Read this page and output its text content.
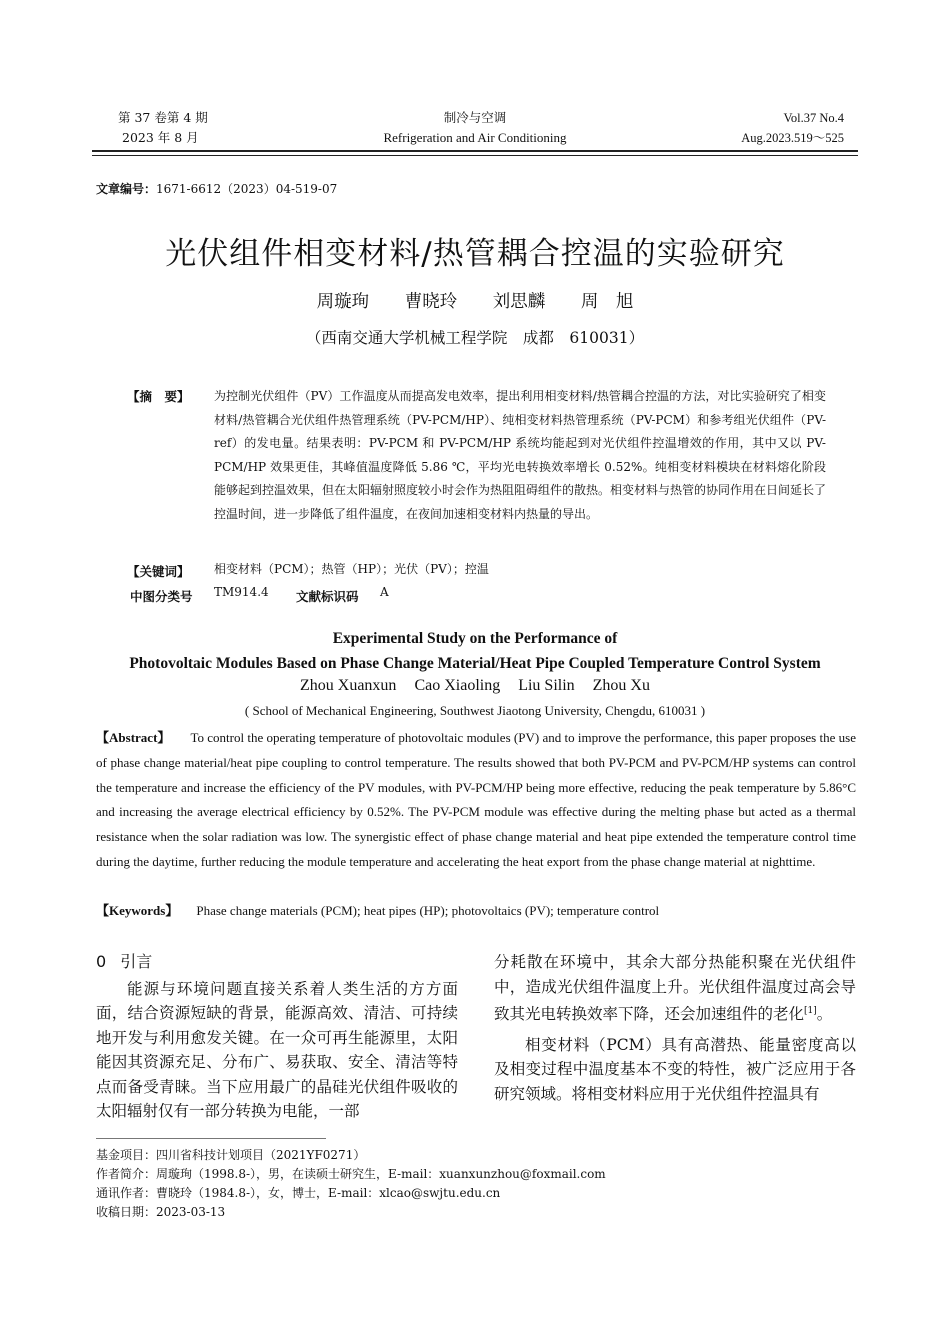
第 37 卷第 4 期
2023 年 8 月
制冷与空调
Refrigeration and Air Conditioning
Vol.37 No.4
Aug.2023.519～525
文章编号：1671-6612（2023）04-519-07
光伏组件相变材料/热管耦合控温的实验研究
周璇珣 曹晓玲 刘思麟 周　旭
（西南交通大学机械工程学院　成都　610031）
【摘　要】 为控制光伏组件（PV）工作温度从而提高发电效率，提出利用相变材料/热管耦合控温的方法，对比实验研究了相变材料/热管耦合光伏组件热管理系统（PV-PCM/HP）、纯相变材料热管理系统（PV-PCM）和参考组光伏组件（PV-ref）的发电量。结果表明：PV-PCM 和 PV-PCM/HP 系统均能起到对光伏组件控温增效的作用，其中又以 PV-PCM/HP 效果更佳，其峰值温度降低 5.86 ℃，平均光电转换效率增长 0.52%。纯相变材料模块在材料熔化阶段能够起到控温效果，但在太阳辐射照度较小时会作为热阻阻碍组件的散热。相变材料与热管的协同作用在日间延长了控温时间，进一步降低了组件温度，在夜间加速相变材料内热量的导出。
【关键词】 相变材料（PCM）；热管（HP）；光伏（PV）；控温
中图分类号 TM914.4 文献标识码 A
Experimental Study on the Performance of
Photovoltaic Modules Based on Phase Change Material/Heat Pipe Coupled Temperature Control System
Zhou Xuanxun Cao Xiaoling Liu Silin Zhou Xu
( School of Mechanical Engineering, Southwest Jiaotong University, Chengdu, 610031 )
【Abstract】 To control the operating temperature of photovoltaic modules (PV) and to improve the performance, this paper proposes the use of phase change material/heat pipe coupling to control temperature. The results showed that both PV-PCM and PV-PCM/HP systems can control the temperature and increase the efficiency of the PV modules, with PV-PCM/HP being more effective, reducing the peak temperature by 5.86°C and increasing the average electrical efficiency by 0.52%. The PV-PCM module was effective during the melting phase but acted as a thermal resistance when the solar radiation was low. The synergistic effect of phase change material and heat pipe extended the temperature control time during the daytime, further reducing the module temperature and accelerating the heat export from the phase change material at nighttime.
【Keywords】 Phase change materials (PCM); heat pipes (HP); photovoltaics (PV); temperature control
0 引言

能源与环境问题直接关系着人类生活的方方面面，结合资源短缺的背景，能源高效、清洁、可持续地开发与利用愈发关键。在一众可再生能源里，太阳能因其资源充足、分布广、易获取、安全、清洁等特点而备受青睐。当下应用最广的晶硅光伏组件吸收的太阳辐射仅有一部分转换为电能，一部

分耗散在环境中，其余大部分热能积聚在光伏组件中，造成光伏组件温度上升。光伏组件温度过高会导致其光电转换效率下降，还会加速组件的老化[1]。

相变材料（PCM）具有高潜热、能量密度高以及相变过程中温度基本不变的特性，被广泛应用于各研究领域。将相变材料应用于光伏组件控温具有

基金项目：四川省科技计划项目（2021YF0271）
作者简介：周璇珣（1998.8-），男，在读硕士研究生，E-mail：xuanxunzhou@foxmail.com
通讯作者：曹晓玲（1984.8-），女，博士，E-mail：xlcao@swjtu.edu.cn
收稿日期：2023-03-13
